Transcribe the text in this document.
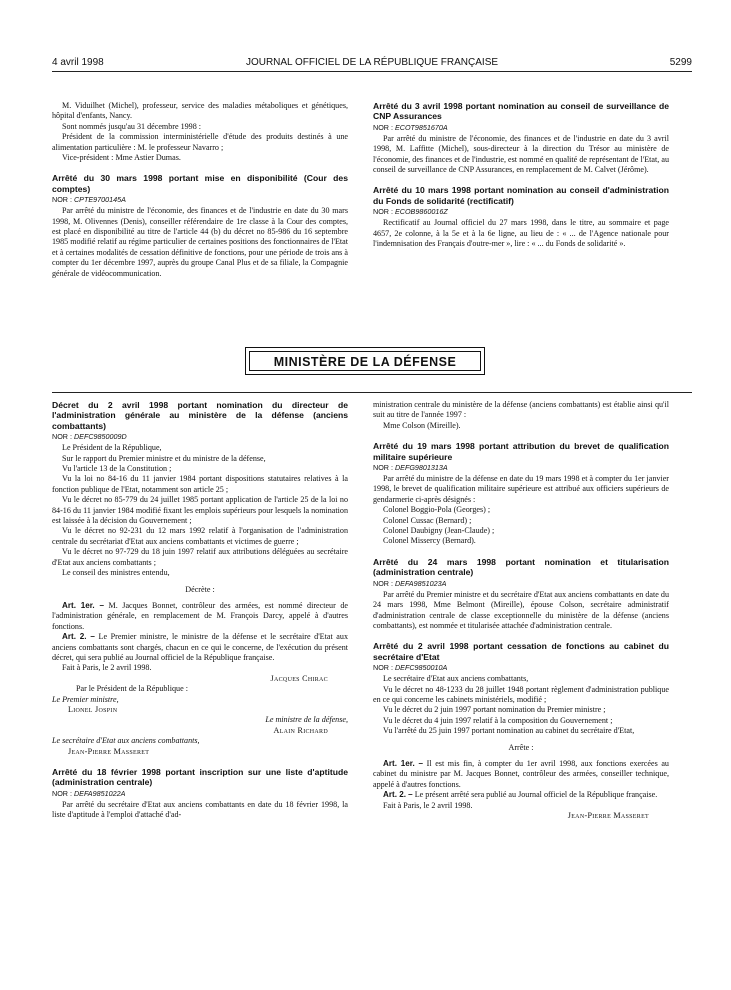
4 avril 1998	JOURNAL OFFICIEL DE LA RÉPUBLIQUE FRANÇAISE	5299

M. Viduilhet (Michel), professeur, service des maladies métaboliques et génétiques, hôpital d'enfants, Nancy.

Sont nommés jusqu'au 31 décembre 1998 :

Président de la commission interministérielle d'étude des produits destinés à une alimentation particulière : M. le professeur Navarro ;

Vice-président : Mme Astier Dumas.

Arrêté du 30 mars 1998 portant mise en disponibilité (Cour des comptes)

NOR : CPTE9700145A

Par arrêté du ministre de l'économie, des finances et de l'industrie en date du 30 mars 1998, M. Olivennes (Denis), conseiller référendaire de 1re classe à la Cour des comptes, est placé en disponibilité au titre de l'article 44 (b) du décret no 85-986 du 16 septembre 1985 modifié relatif au régime particulier de certaines positions des fonctionnaires de l'Etat et à certaines modalités de cessation définitive de fonctions, pour une période de trois ans à compter du 1er décembre 1997, auprès du groupe Canal Plus et de sa filiale, la Compagnie générale de vidéocommunication.

Arrêté du 3 avril 1998 portant nomination au conseil de surveillance de CNP Assurances

NOR : ECOT9851670A

Par arrêté du ministre de l'économie, des finances et de l'industrie en date du 3 avril 1998, M. Laffitte (Michel), sous-directeur à la direction du Trésor au ministère de l'économie, des finances et de l'industrie, est nommé en qualité de représentant de l'Etat, au conseil de surveillance de CNP Assurances, en remplacement de M. Calvet (Jérôme).

Arrêté du 10 mars 1998 portant nomination au conseil d'administration du Fonds de solidarité (rectificatif)

NOR : ECOB9860016Z

Rectificatif au Journal officiel du 27 mars 1998, dans le titre, au sommaire et page 4657, 2e colonne, à la 5e et à la 6e ligne, au lieu de : « ... de l'Agence nationale pour l'indemnisation des Français d'outre-mer », lire : « ... du Fonds de solidarité ».

MINISTÈRE DE LA DÉFENSE

Décret du 2 avril 1998 portant nomination du directeur de l'administration générale au ministère de la défense (anciens combattants)

NOR : DEFC9850009D

Le Président de la République,

Sur le rapport du Premier ministre et du ministre de la défense,

Vu l'article 13 de la Constitution ;

Vu la loi no 84-16 du 11 janvier 1984 portant dispositions statutaires relatives à la fonction publique de l'Etat, notamment son article 25 ;

Vu le décret no 85-779 du 24 juillet 1985 portant application de l'article 25 de la loi no 84-16 du 11 janvier 1984 modifié fixant les emplois supérieurs pour lesquels la nomination est laissée à la décision du Gouvernement ;

Vu le décret no 92-231 du 12 mars 1992 relatif à l'organisation de l'administration centrale du secrétariat d'Etat aux anciens combattants et victimes de guerre ;

Vu le décret no 97-729 du 18 juin 1997 relatif aux attributions déléguées au secrétaire d'Etat aux anciens combattants ;

Le conseil des ministres entendu,

Décrète :

Art. 1er. – M. Jacques Bonnet, contrôleur des armées, est nommé directeur de l'administration générale, en remplacement de M. François Darcy, appelé à d'autres fonctions.

Art. 2. – Le Premier ministre, le ministre de la défense et le secrétaire d'Etat aux anciens combattants sont chargés, chacun en ce qui le concerne, de l'exécution du présent décret, qui sera publié au Journal officiel de la République française.

Fait à Paris, le 2 avril 1998.

Jacques Chirac

Par le Président de la République :

Le Premier ministre,

Lionel Jospin

Le ministre de la défense,

Alain Richard

Le secrétaire d'Etat aux anciens combattants,

Jean-Pierre Masseret

Arrêté du 18 février 1998 portant inscription sur une liste d'aptitude (administration centrale)

NOR : DEFA9851022A

Par arrêté du secrétaire d'Etat aux anciens combattants en date du 18 février 1998, la liste d'aptitude à l'emploi d'attaché d'ad-

ministration centrale du ministère de la défense (anciens combattants) est établie ainsi qu'il suit au titre de l'année 1997 :

Mme Colson (Mireille).

Arrêté du 19 mars 1998 portant attribution du brevet de qualification militaire supérieure

NOR : DEFG9801313A

Par arrêté du ministre de la défense en date du 19 mars 1998 et à compter du 1er janvier 1998, le brevet de qualification militaire supérieure est attribué aux officiers supérieurs de gendarmerie ci-après désignés :

Colonel Boggio-Pola (Georges) ;

Colonel Cussac (Bernard) ;

Colonel Daubigny (Jean-Claude) ;

Colonel Missercy (Bernard).

Arrêté du 24 mars 1998 portant nomination et titularisation (administration centrale)

NOR : DEFA9851023A

Par arrêté du Premier ministre et du secrétaire d'Etat aux anciens combattants en date du 24 mars 1998, Mme Belmont (Mireille), épouse Colson, secrétaire administratif d'administration centrale de classe exceptionnelle du ministère de la défense (anciens combattants), est nommée et titularisée attachée d'administration centrale.

Arrêté du 2 avril 1998 portant cessation de fonctions au cabinet du secrétaire d'Etat

NOR : DEFC9850010A

Le secrétaire d'Etat aux anciens combattants,

Vu le décret no 48-1233 du 28 juillet 1948 portant règlement d'administration publique en ce qui concerne les cabinets ministériels, modifié ;

Vu le décret du 2 juin 1997 portant nomination du Premier ministre ;

Vu le décret du 4 juin 1997 relatif à la composition du Gouvernement ;

Vu l'arrêté du 25 juin 1997 portant nomination au cabinet du secrétaire d'Etat,

Arrête :

Art. 1er. – Il est mis fin, à compter du 1er avril 1998, aux fonctions exercées au cabinet du ministre par M. Jacques Bonnet, contrôleur des armées, conseiller technique, appelé à d'autres fonctions.

Art. 2. – Le présent arrêté sera publié au Journal officiel de la République française.

Fait à Paris, le 2 avril 1998.

Jean-Pierre Masseret
